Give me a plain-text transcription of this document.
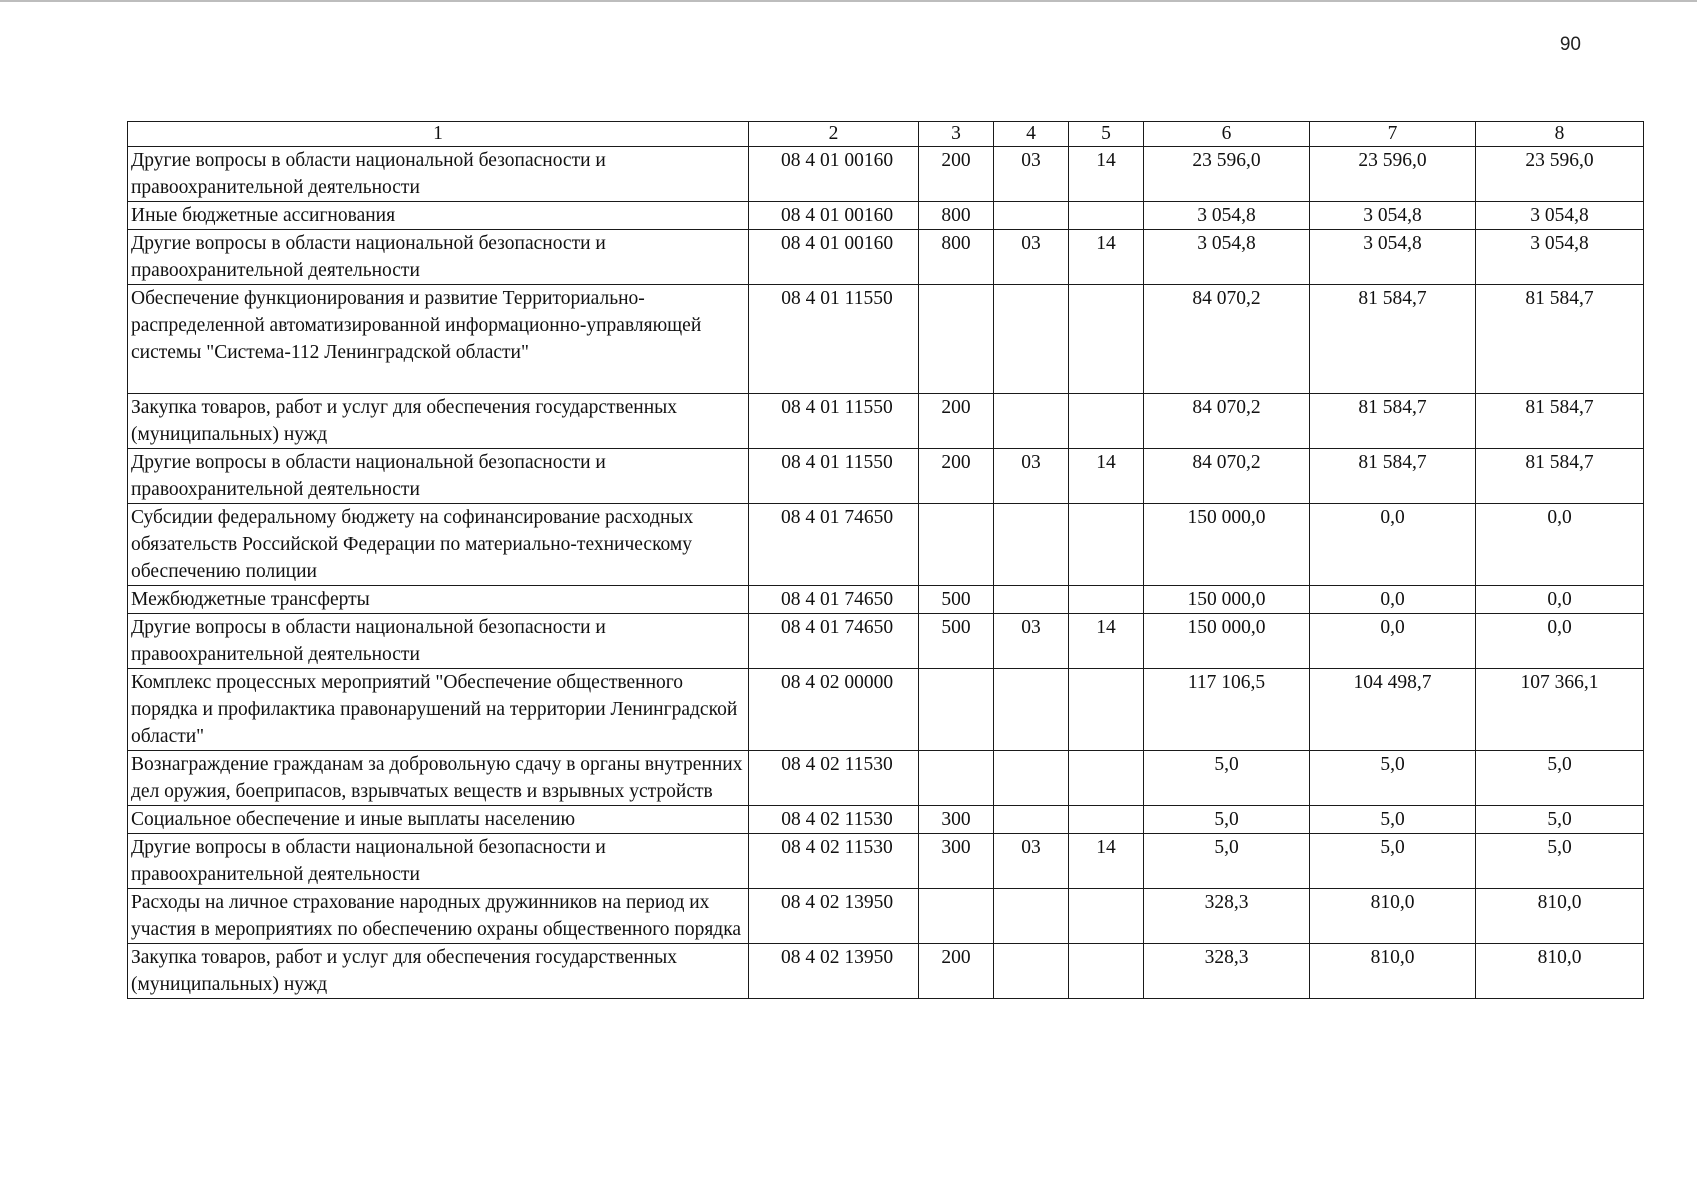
90
1	2	3	4	5	6	7	8
Другие вопросы в области национальной безопасности и правоохранительной деятельности	08 4 01 00160	200	03	14	23 596,0	23 596,0	23 596,0
Иные бюджетные ассигнования	08 4 01 00160	800			3 054,8	3 054,8	3 054,8
Другие вопросы в области национальной безопасности и правоохранительной деятельности	08 4 01 00160	800	03	14	3 054,8	3 054,8	3 054,8
Обеспечение функционирования и развитие Территориально-распределенной автоматизированной информационно-управляющей системы "Система-112 Ленинградской области"	08 4 01 11550				84 070,2	81 584,7	81 584,7
Закупка товаров, работ и услуг для обеспечения государственных (муниципальных) нужд	08 4 01 11550	200			84 070,2	81 584,7	81 584,7
Другие вопросы в области национальной безопасности и правоохранительной деятельности	08 4 01 11550	200	03	14	84 070,2	81 584,7	81 584,7
Субсидии федеральному бюджету на софинансирование расходных обязательств Российской Федерации по материально-техническому обеспечению полиции	08 4 01 74650				150 000,0	0,0	0,0
Межбюджетные трансферты	08 4 01 74650	500			150 000,0	0,0	0,0
Другие вопросы в области национальной безопасности и правоохранительной деятельности	08 4 01 74650	500	03	14	150 000,0	0,0	0,0
Комплекс процессных мероприятий "Обеспечение общественного порядка и профилактика правонарушений на территории Ленинградской области"	08 4 02 00000				117 106,5	104 498,7	107 366,1
Вознаграждение гражданам за добровольную сдачу в органы внутренних дел оружия, боеприпасов, взрывчатых веществ и взрывных устройств	08 4 02 11530				5,0	5,0	5,0
Социальное обеспечение и иные выплаты населению	08 4 02 11530	300			5,0	5,0	5,0
Другие вопросы в области национальной безопасности и правоохранительной деятельности	08 4 02 11530	300	03	14	5,0	5,0	5,0
Расходы на личное страхование народных дружинников на период их участия в мероприятиях по обеспечению охраны общественного порядка	08 4 02 13950				328,3	810,0	810,0
Закупка товаров, работ и услуг для обеспечения государственных (муниципальных) нужд	08 4 02 13950	200			328,3	810,0	810,0
